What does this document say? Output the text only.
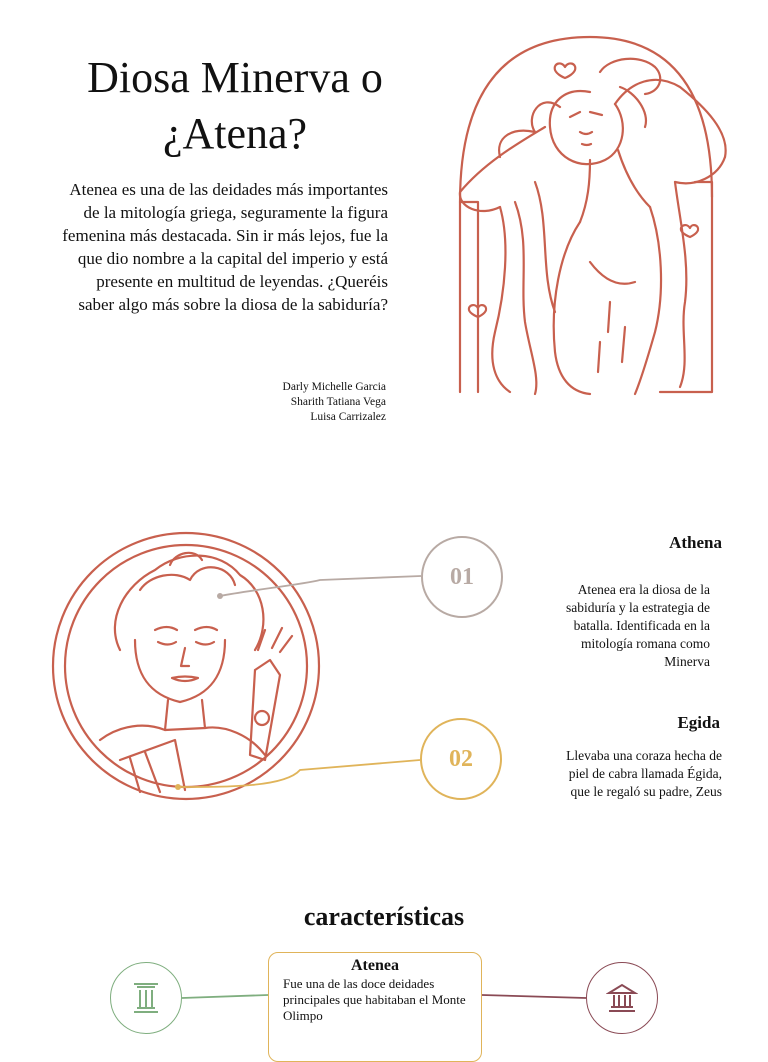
Diosa Minerva o
¿Atena?
Atenea es una de las deidades más importantes de la mitología griega, seguramente la figura femenina más destacada. Sin ir más lejos, fue la que dio nombre a la capital del imperio y está presente en multitud de leyendas. ¿Queréis saber algo más sobre la diosa de la sabiduría?
Darly Michelle Garcia
Sharith Tatiana Vega
Luisa Carrizalez
01
02
Athena
Atenea era la diosa de la sabiduría y la estrategia de batalla. Identificada en la mitología romana como Minerva
Egida
Llevaba una coraza hecha de piel de cabra llamada Égida, que le regaló su padre, Zeus
características
Atenea
Fue una de las doce deidades principales que habitaban el Monte Olimpo
